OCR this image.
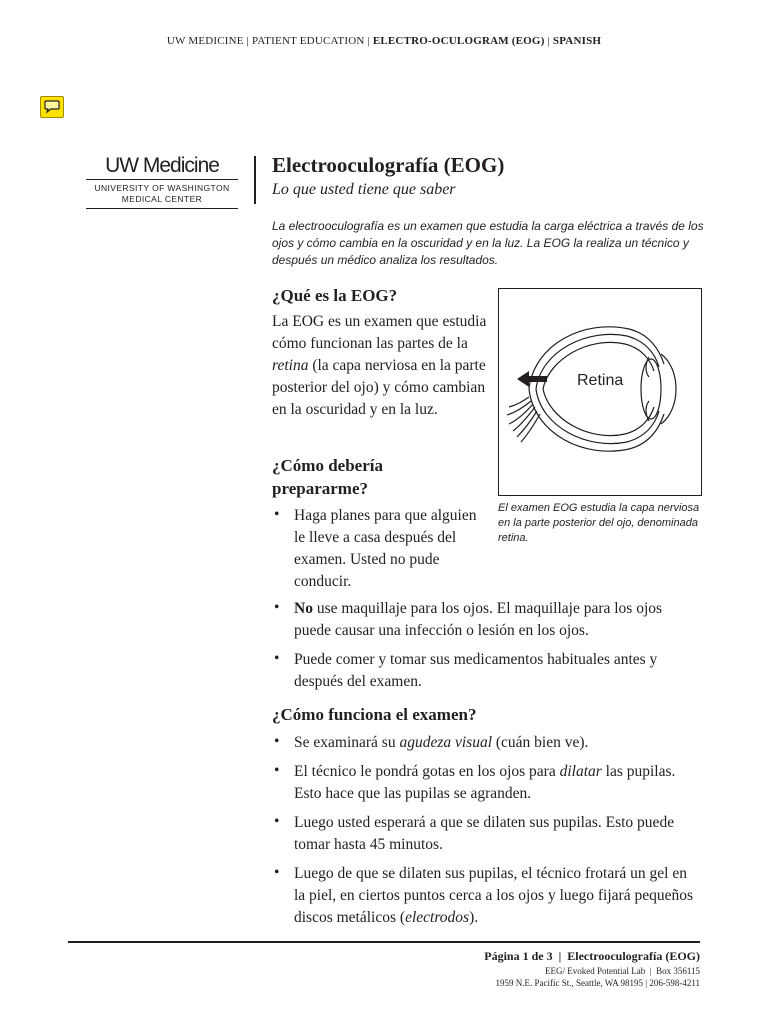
UW MEDICINE | PATIENT EDUCATION | ELECTRO-OCULOGRAM (EOG) | SPANISH
UW Medicine
UNIVERSITY OF WASHINGTON
MEDICAL CENTER
Electrooculografía (EOG)
Lo que usted tiene que saber
La electrooculografía es un examen que estudia la carga eléctrica a través de los ojos y cómo cambia en la oscuridad y en la luz. La EOG la realiza un técnico y después un médico analiza los resultados.
¿Qué es la EOG?
La EOG es un examen que estudia cómo funcionan las partes de la retina (la capa nerviosa en la parte posterior del ojo) y cómo cambian en la oscuridad y en la luz.
Retina
El examen EOG estudia la capa nerviosa en la parte posterior del ojo, denominada retina.
¿Cómo debería
prepararme?
• Haga planes para que alguien le lleve a casa después del examen. Usted no pude conducir.
• No use maquillaje para los ojos. El maquillaje para los ojos puede causar una infección o lesión en los ojos.
• Puede comer y tomar sus medicamentos habituales antes y después del examen.
¿Cómo funciona el examen?
• Se examinará su agudeza visual (cuán bien ve).
• El técnico le pondrá gotas en los ojos para dilatar las pupilas. Esto hace que las pupilas se agranden.
• Luego usted esperará a que se dilaten sus pupilas. Esto puede tomar hasta 45 minutos.
• Luego de que se dilaten sus pupilas, el técnico frotará un gel en la piel, en ciertos puntos cerca a los ojos y luego fijará pequeños discos metálicos (electrodos).
Página 1 de 3  |  Electrooculografía (EOG)
EEG/ Evoked Potential Lab  |  Box 356115
1959 N.E. Pacific St., Seattle, WA 98195 | 206-598-4211
